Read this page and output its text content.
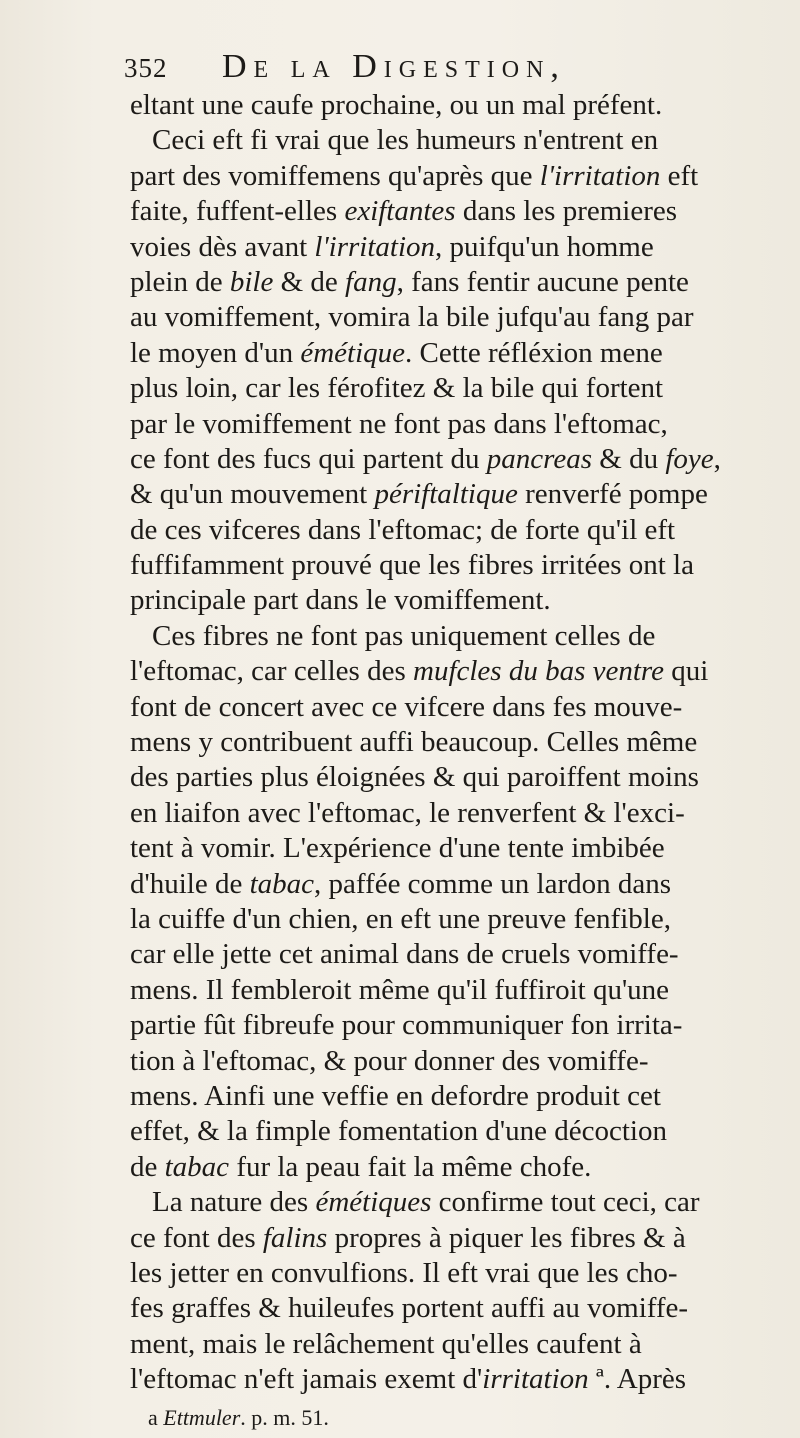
352	De la Digestion,
eltant une caufe prochaine, ou un mal préfent.
Ceci eft fi vrai que les humeurs n'entrent en
part des vomiffemens qu'après que l'irritation eft
faite, fuffent-elles exiftantes dans les premieres
voies dès avant l'irritation, puifqu'un homme
plein de bile & de fang, fans fentir aucune pente
au vomiffement, vomira la bile jufqu'au fang par
le moyen d'un émétique. Cette réfléxion mene
plus loin, car les férofitez & la bile qui fortent
par le vomiffement ne font pas dans l'eftomac,
ce font des fucs qui partent du pancreas & du foye,
& qu'un mouvement périftaltique renverfé pompe
de ces vifceres dans l'eftomac; de forte qu'il eft
fuffifamment prouvé que les fibres irritées ont la
principale part dans le vomiffement.
Ces fibres ne font pas uniquement celles de
l'eftomac, car celles des mufcles du bas ventre qui
font de concert avec ce vifcere dans fes mouve-
mens y contribuent auffi beaucoup. Celles même
des parties plus éloignées & qui paroiffent moins
en liaifon avec l'eftomac, le renverfent & l'exci-
tent à vomir. L'expérience d'une tente imbibée
d'huile de tabac, paffée comme un lardon dans
la cuiffe d'un chien, en eft une preuve fenfible,
car elle jette cet animal dans de cruels vomiffe-
mens. Il fembleroit même qu'il fuffiroit qu'une
partie fût fibreufe pour communiquer fon irrita-
tion à l'eftomac, & pour donner des vomiffe-
mens. Ainfi une veffie en defordre produit cet
effet, & la fimple fomentation d'une décoction
de tabac fur la peau fait la même chofe.
La nature des émétiques confirme tout ceci, car
ce font des falins propres à piquer les fibres & à
les jetter en convulfions. Il eft vrai que les cho-
fes graffes & huileufes portent auffi au vomiffe-
ment, mais le relâchement qu'elles caufent à
l'eftomac n'eft jamais exemt d'irritation ª. Après
a Ettmuler. p. m. 51.
